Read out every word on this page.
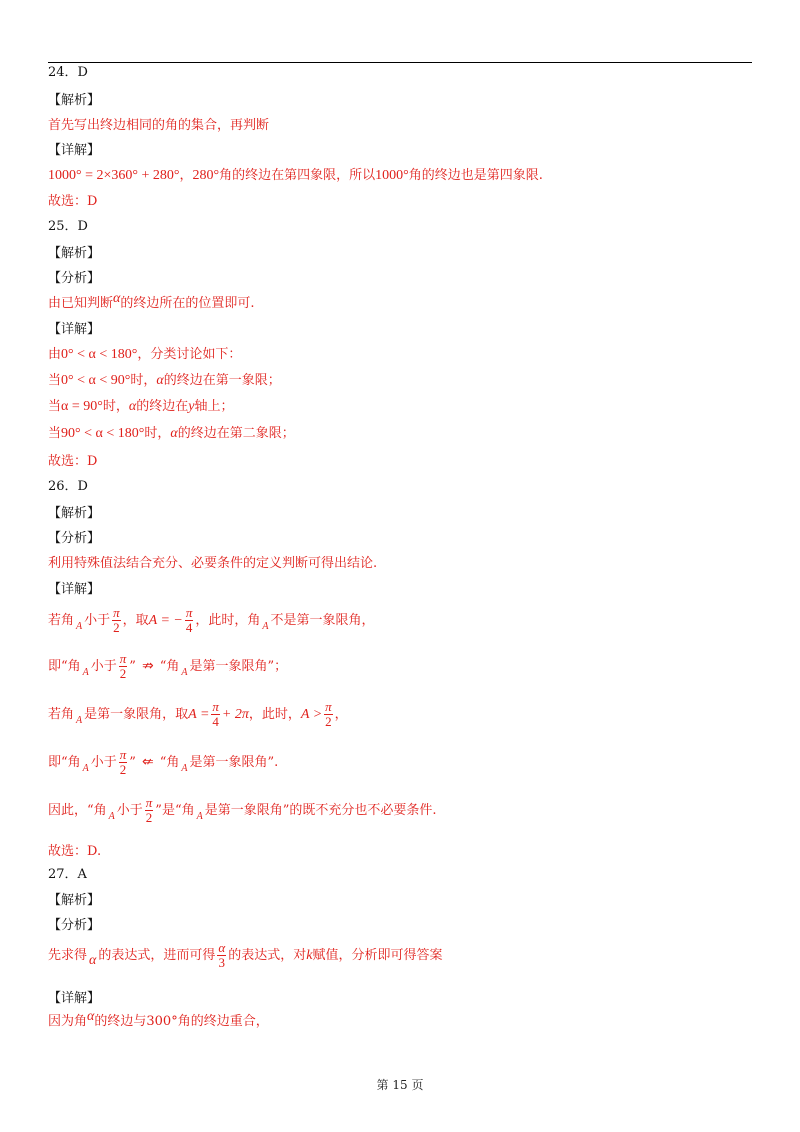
24．D
【解析】
首先写出终边相同的角的集合，再判断
【详解】
1000° = 2×360° + 280°，280°角的终边在第四象限，所以1000°角的终边也是第四象限.
故选：D
25．D
【解析】
【分析】
由已知判断α的终边所在的位置即可.
【详解】
由0° < α < 180°，分类讨论如下：
当0° < α < 90°时，α的终边在第一象限；
当α = 90°时，α的终边在y轴上；
当90° < α < 180°时，α的终边在第二象限；
故选：D
26．D
【解析】
【分析】
利用特殊值法结合充分、必要条件的定义判断可得出结论.
【详解】
若角 $_A$ 小于 $\frac{\pi}{2}$ ，取A = − $\frac{\pi}{4}$ ，此时，角 $_A$ 不是第一象限角，
即“角 $_A$ 小于 $\frac{\pi}{2}$ ” ⇏ “角 $_A$ 是第一象限角”；
若角 $_A$ 是第一象限角，取$A = \frac{\pi}{4} + 2\pi$，此时，$A > \frac{\pi}{2}$ ，
即“角 $_A$ 小于 $\frac{\pi}{2}$ ” ⇍ “角 $_A$ 是第一象限角”.
因此，“角 $_A$ 小于 $\frac{\pi}{2}$ ”是“角 $_A$ 是第一象限角”的既不充分也不必要条件.
故选：D.
27．A
【解析】
【分析】
先求得 α 的表达式，进而可得 $\frac{\alpha}{3}$ 的表达式，对k赋值，分析即可得答案
【详解】
因为角α的终边与300°角的终边重合，
第 15 页
